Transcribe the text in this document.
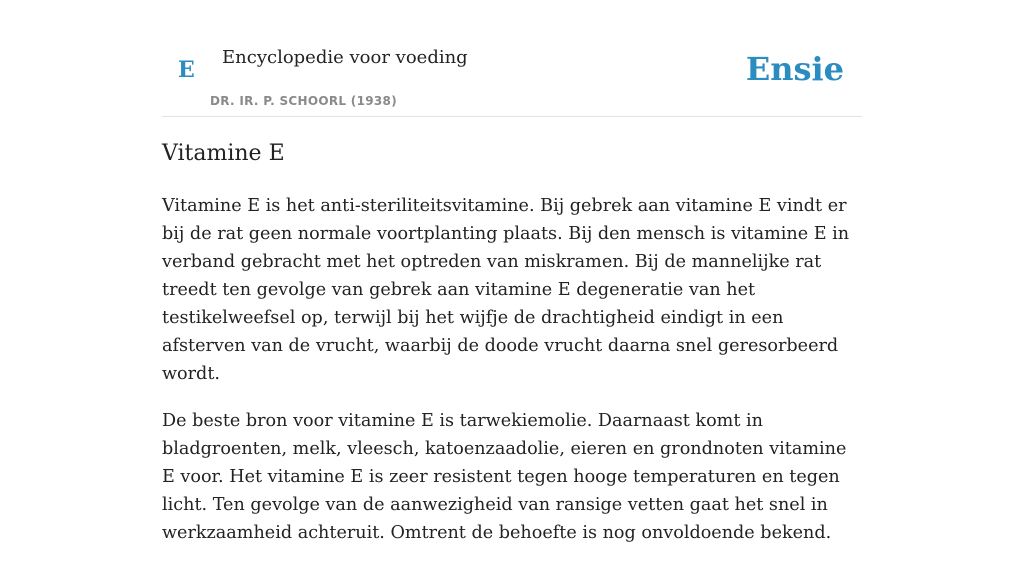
E Encyclopedie voor voeding
DR. IR. P. SCHOORL (1938)
Ensie
Vitamine E

Vitamine E is het anti-steriliteitsvitamine. Bij gebrek aan vitamine E vindt er bij de rat geen normale voortplanting plaats. Bij den mensch is vitamine E in verband gebracht met het optreden van miskramen. Bij de mannelijke rat treedt ten gevolge van gebrek aan vitamine E degeneratie van het testikelweefsel op, terwijl bij het wijfje de drachtigheid eindigt in een afsterven van de vrucht, waarbij de doode vrucht daarna snel geresorbeerd wordt.

De beste bron voor vitamine E is tarwekiemolie. Daarnaast komt in bladgroenten, melk, vleesch, katoenzaadolie, eieren en grondnoten vitamine E voor. Het vitamine E is zeer resistent tegen hooge temperaturen en tegen licht. Ten gevolge van de aanwezigheid van ransige vetten gaat het snel in werkzaamheid achteruit. Omtrent de behoefte is nog onvoldoende bekend.
